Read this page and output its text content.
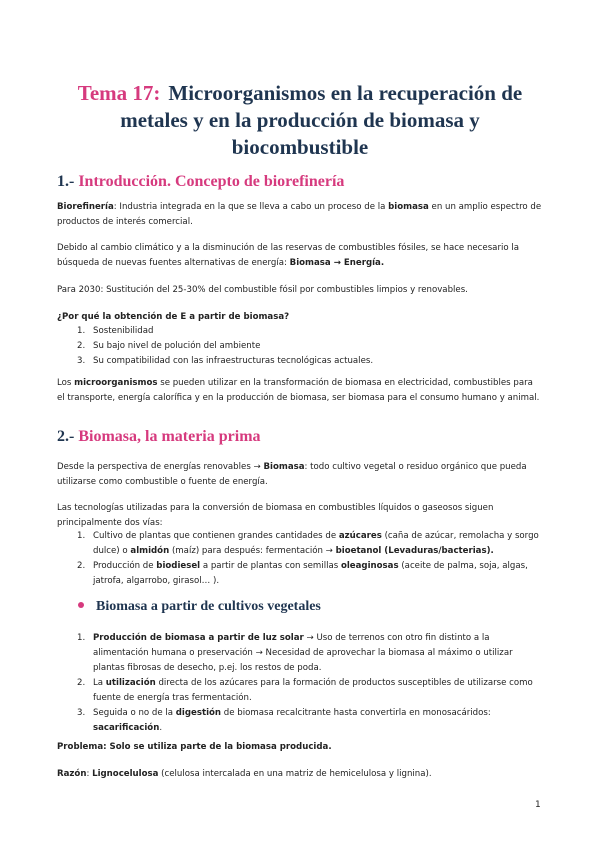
Tema 17: Microorganismos en la recuperación de metales y en la producción de biomasa y biocombustible
1.- Introducción. Concepto de biorefinería

Biorefinería: Industria integrada en la que se lleva a cabo un proceso de la biomasa en un amplio espectro de productos de interés comercial.

Debido al cambio climático y a la disminución de las reservas de combustibles fósiles, se hace necesario la búsqueda de nuevas fuentes alternativas de energía: Biomasa → Energía.

Para 2030: Sustitución del 25-30% del combustible fósil por combustibles limpios y renovables.

¿Por qué la obtención de E a partir de biomasa?

1. Sostenibilidad
2. Su bajo nivel de polución del ambiente
3. Su compatibilidad con las infraestructuras tecnológicas actuales.

Los microorganismos se pueden utilizar en la transformación de biomasa en electricidad, combustibles para el transporte, energía calorífica y en la producción de biomasa, ser biomasa para el consumo humano y animal.

2.- Biomasa, la materia prima

Desde la perspectiva de energías renovables → Biomasa: todo cultivo vegetal o residuo orgánico que pueda utilizarse como combustible o fuente de energía.

Las tecnologías utilizadas para la conversión de biomasa en combustibles líquidos o gaseosos siguen principalmente dos vías:

1. Cultivo de plantas que contienen grandes cantidades de azúcares (caña de azúcar, remolacha y sorgo dulce) o almidón (maíz) para después: fermentación → bioetanol (Levaduras/bacterias).
2. Producción de biodiesel a partir de plantas con semillas oleaginosas (aceite de palma, soja, algas, jatrofa, algarrobo, girasol… ).
Biomasa a partir de cultivos vegetales
1. Producción de biomasa a partir de luz solar → Uso de terrenos con otro fin distinto a la alimentación humana o preservación → Necesidad de aprovechar la biomasa al máximo o utilizar plantas fibrosas de desecho, p.ej. los restos de poda.
2. La utilización directa de los azúcares para la formación de productos susceptibles de utilizarse como fuente de energía tras fermentación.
3. Seguida o no de la digestión de biomasa recalcitrante hasta convertirla en monosacáridos: sacarificación.

Problema: Solo se utiliza parte de la biomasa producida.

Razón: Lignocelulosa (celulosa intercalada en una matriz de hemicelulosa y lignina).

1
